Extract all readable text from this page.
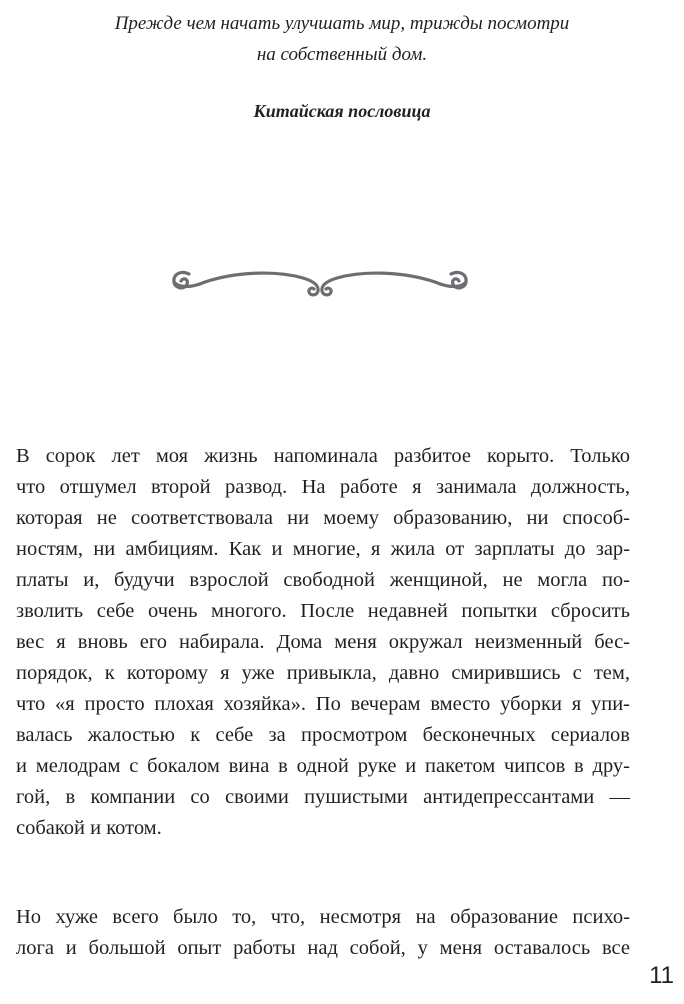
Прежде чем начать улучшать мир, трижды посмотри
на собственный дом.
Китайская пословица
В сорок лет моя жизнь напоминала разбитое корыто. Только
что отшумел второй развод. На работе я занимала должность,
которая не соответствовала ни моему образованию, ни способ-
ностям, ни амбициям. Как и многие, я жила от зарплаты до зар-
платы и, будучи взрослой свободной женщиной, не могла по-
зволить себе очень многого. После недавней попытки сбросить
вес я вновь его набирала. Дома меня окружал неизменный бес-
порядок, к которому я уже привыкла, давно смирившись с тем,
что «я просто плохая хозяйка». По вечерам вместо уборки я упи-
валась жалостью к себе за просмотром бесконечных сериалов
и мелодрам с бокалом вина в одной руке и пакетом чипсов в дру-
гой, в компании со своими пушистыми антидепрессантами —
собакой и котом.
Но хуже всего было то, что, несмотря на образование психо-
лога и большой опыт работы над собой, у меня оставалось все
11
